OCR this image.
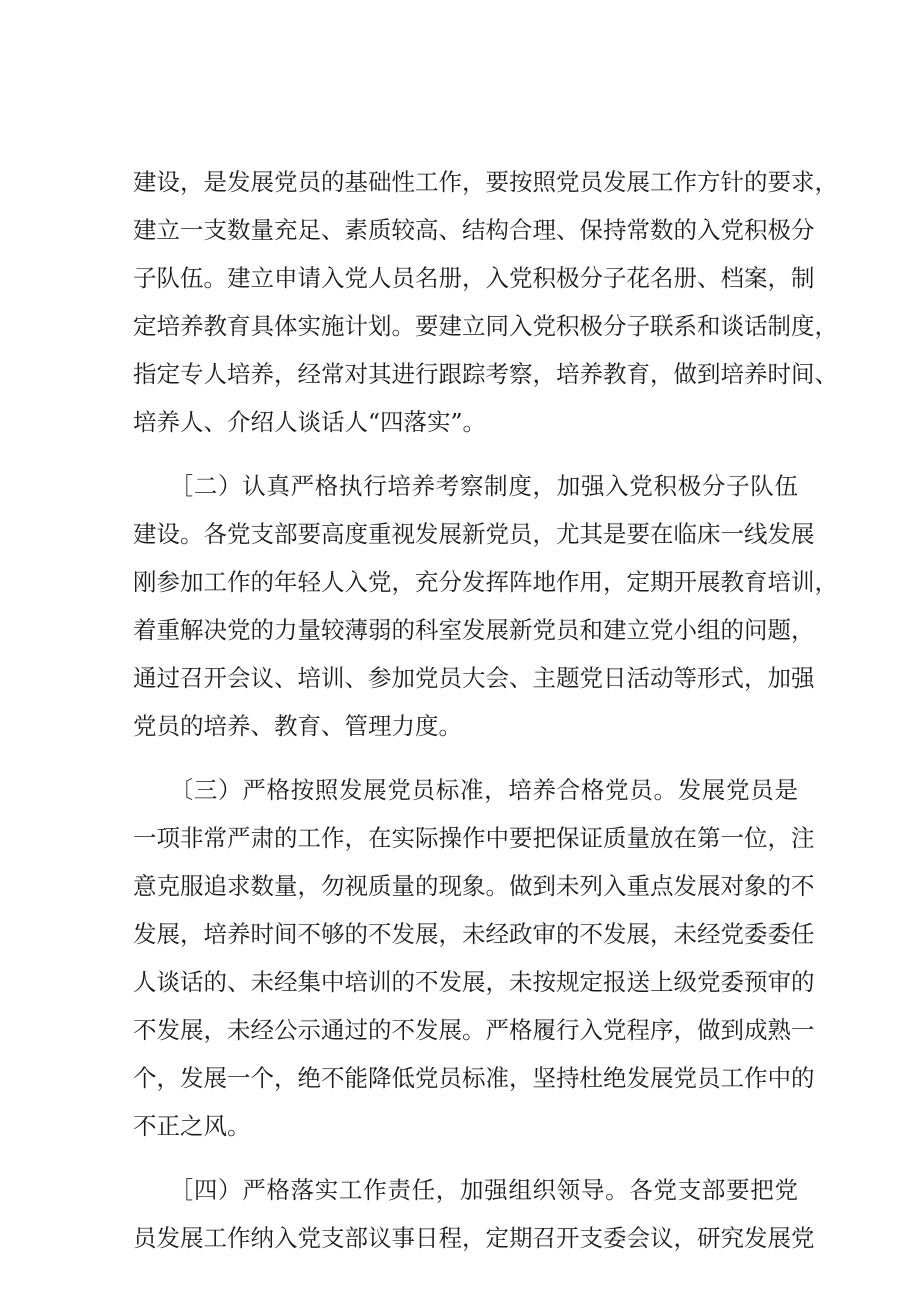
建设，是发展党员的基础性工作，要按照党员发展工作方针的要求，
建立一支数量充足、素质较高、结构合理、保持常数的入党积极分
子队伍。建立申请入党人员名册，入党积极分子花名册、档案，制
定培养教育具体实施计划。要建立同入党积极分子联系和谈话制度，
指定专人培养，经常对其进行跟踪考察，培养教育，做到培养时间、
培养人、介绍人谈话人“四落实”。
　　［二）认真严格执行培养考察制度，加强入党积极分子队伍
建设。各党支部要高度重视发展新党员，尤其是要在临床一线发展
刚参加工作的年轻人入党，充分发挥阵地作用，定期开展教育培训，
着重解决党的力量较薄弱的科室发展新党员和建立党小组的问题，
通过召开会议、培训、参加党员大会、主题党日活动等形式，加强
党员的培养、教育、管理力度。
　　〔三）严格按照发展党员标准，培养合格党员。发展党员是
一项非常严肃的工作，在实际操作中要把保证质量放在第一位，注
意克服追求数量，勿视质量的现象。做到未列入重点发展对象的不
发展，培养时间不够的不发展，未经政审的不发展，未经党委委任
人谈话的、未经集中培训的不发展，未按规定报送上级党委预审的
不发展，未经公示通过的不发展。严格履行入党程序，做到成熟一
个，发展一个，绝不能降低党员标准，坚持杜绝发展党员工作中的
不正之风。
　　［四）严格落实工作责任，加强组织领导。各党支部要把党
员发展工作纳入党支部议事日程，定期召开支委会议，研究发展党
